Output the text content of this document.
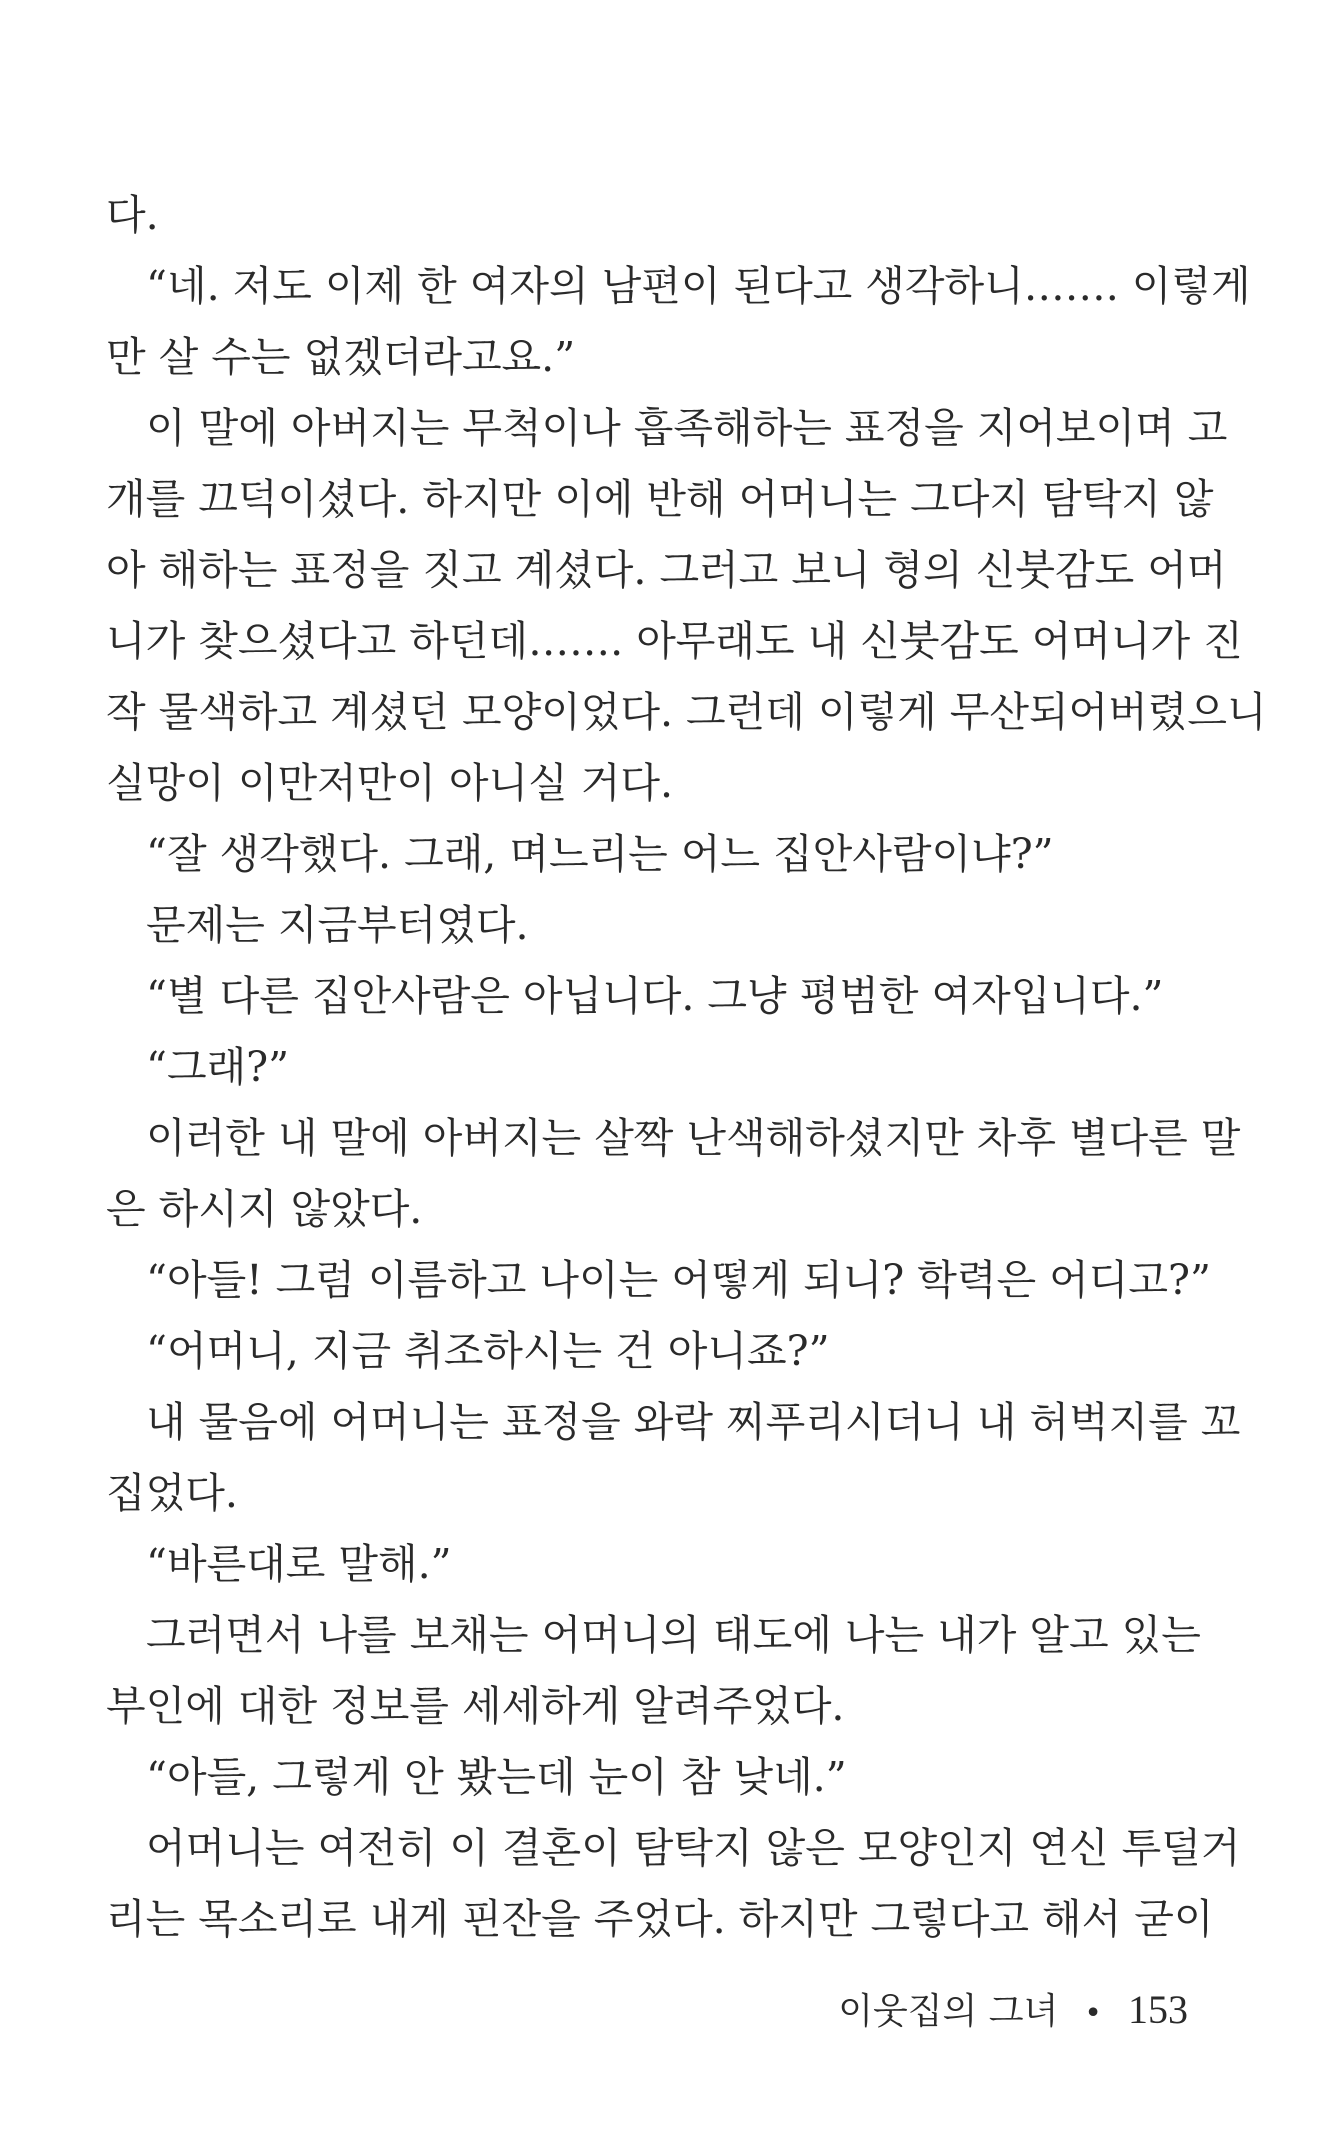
다.
“네. 저도 이제 한 여자의 남편이 된다고 생각하니……. 이렇게
만 살 수는 없겠더라고요.”
이 말에 아버지는 무척이나 흡족해하는 표정을 지어보이며 고
개를 끄덕이셨다. 하지만 이에 반해 어머니는 그다지 탐탁지 않
아 해하는 표정을 짓고 계셨다. 그러고 보니 형의 신붓감도 어머
니가 찾으셨다고 하던데……. 아무래도 내 신붓감도 어머니가 진
작 물색하고 계셨던 모양이었다. 그런데 이렇게 무산되어버렸으니
실망이 이만저만이 아니실 거다.
“잘 생각했다. 그래, 며느리는 어느 집안사람이냐?”
문제는 지금부터였다.
“별 다른 집안사람은 아닙니다. 그냥 평범한 여자입니다.”
“그래?”
이러한 내 말에 아버지는 살짝 난색해하셨지만 차후 별다른 말
은 하시지 않았다.
“아들! 그럼 이름하고 나이는 어떻게 되니? 학력은 어디고?”
“어머니, 지금 취조하시는 건 아니죠?”
내 물음에 어머니는 표정을 와락 찌푸리시더니 내 허벅지를 꼬
집었다.
“바른대로 말해.”
그러면서 나를 보채는 어머니의 태도에 나는 내가 알고 있는
부인에 대한 정보를 세세하게 알려주었다.
“아들, 그렇게 안 봤는데 눈이 참 낮네.”
어머니는 여전히 이 결혼이 탐탁지 않은 모양인지 연신 투덜거
리는 목소리로 내게 핀잔을 주었다. 하지만 그렇다고 해서 굳이
이웃집의 그녀 • 153
